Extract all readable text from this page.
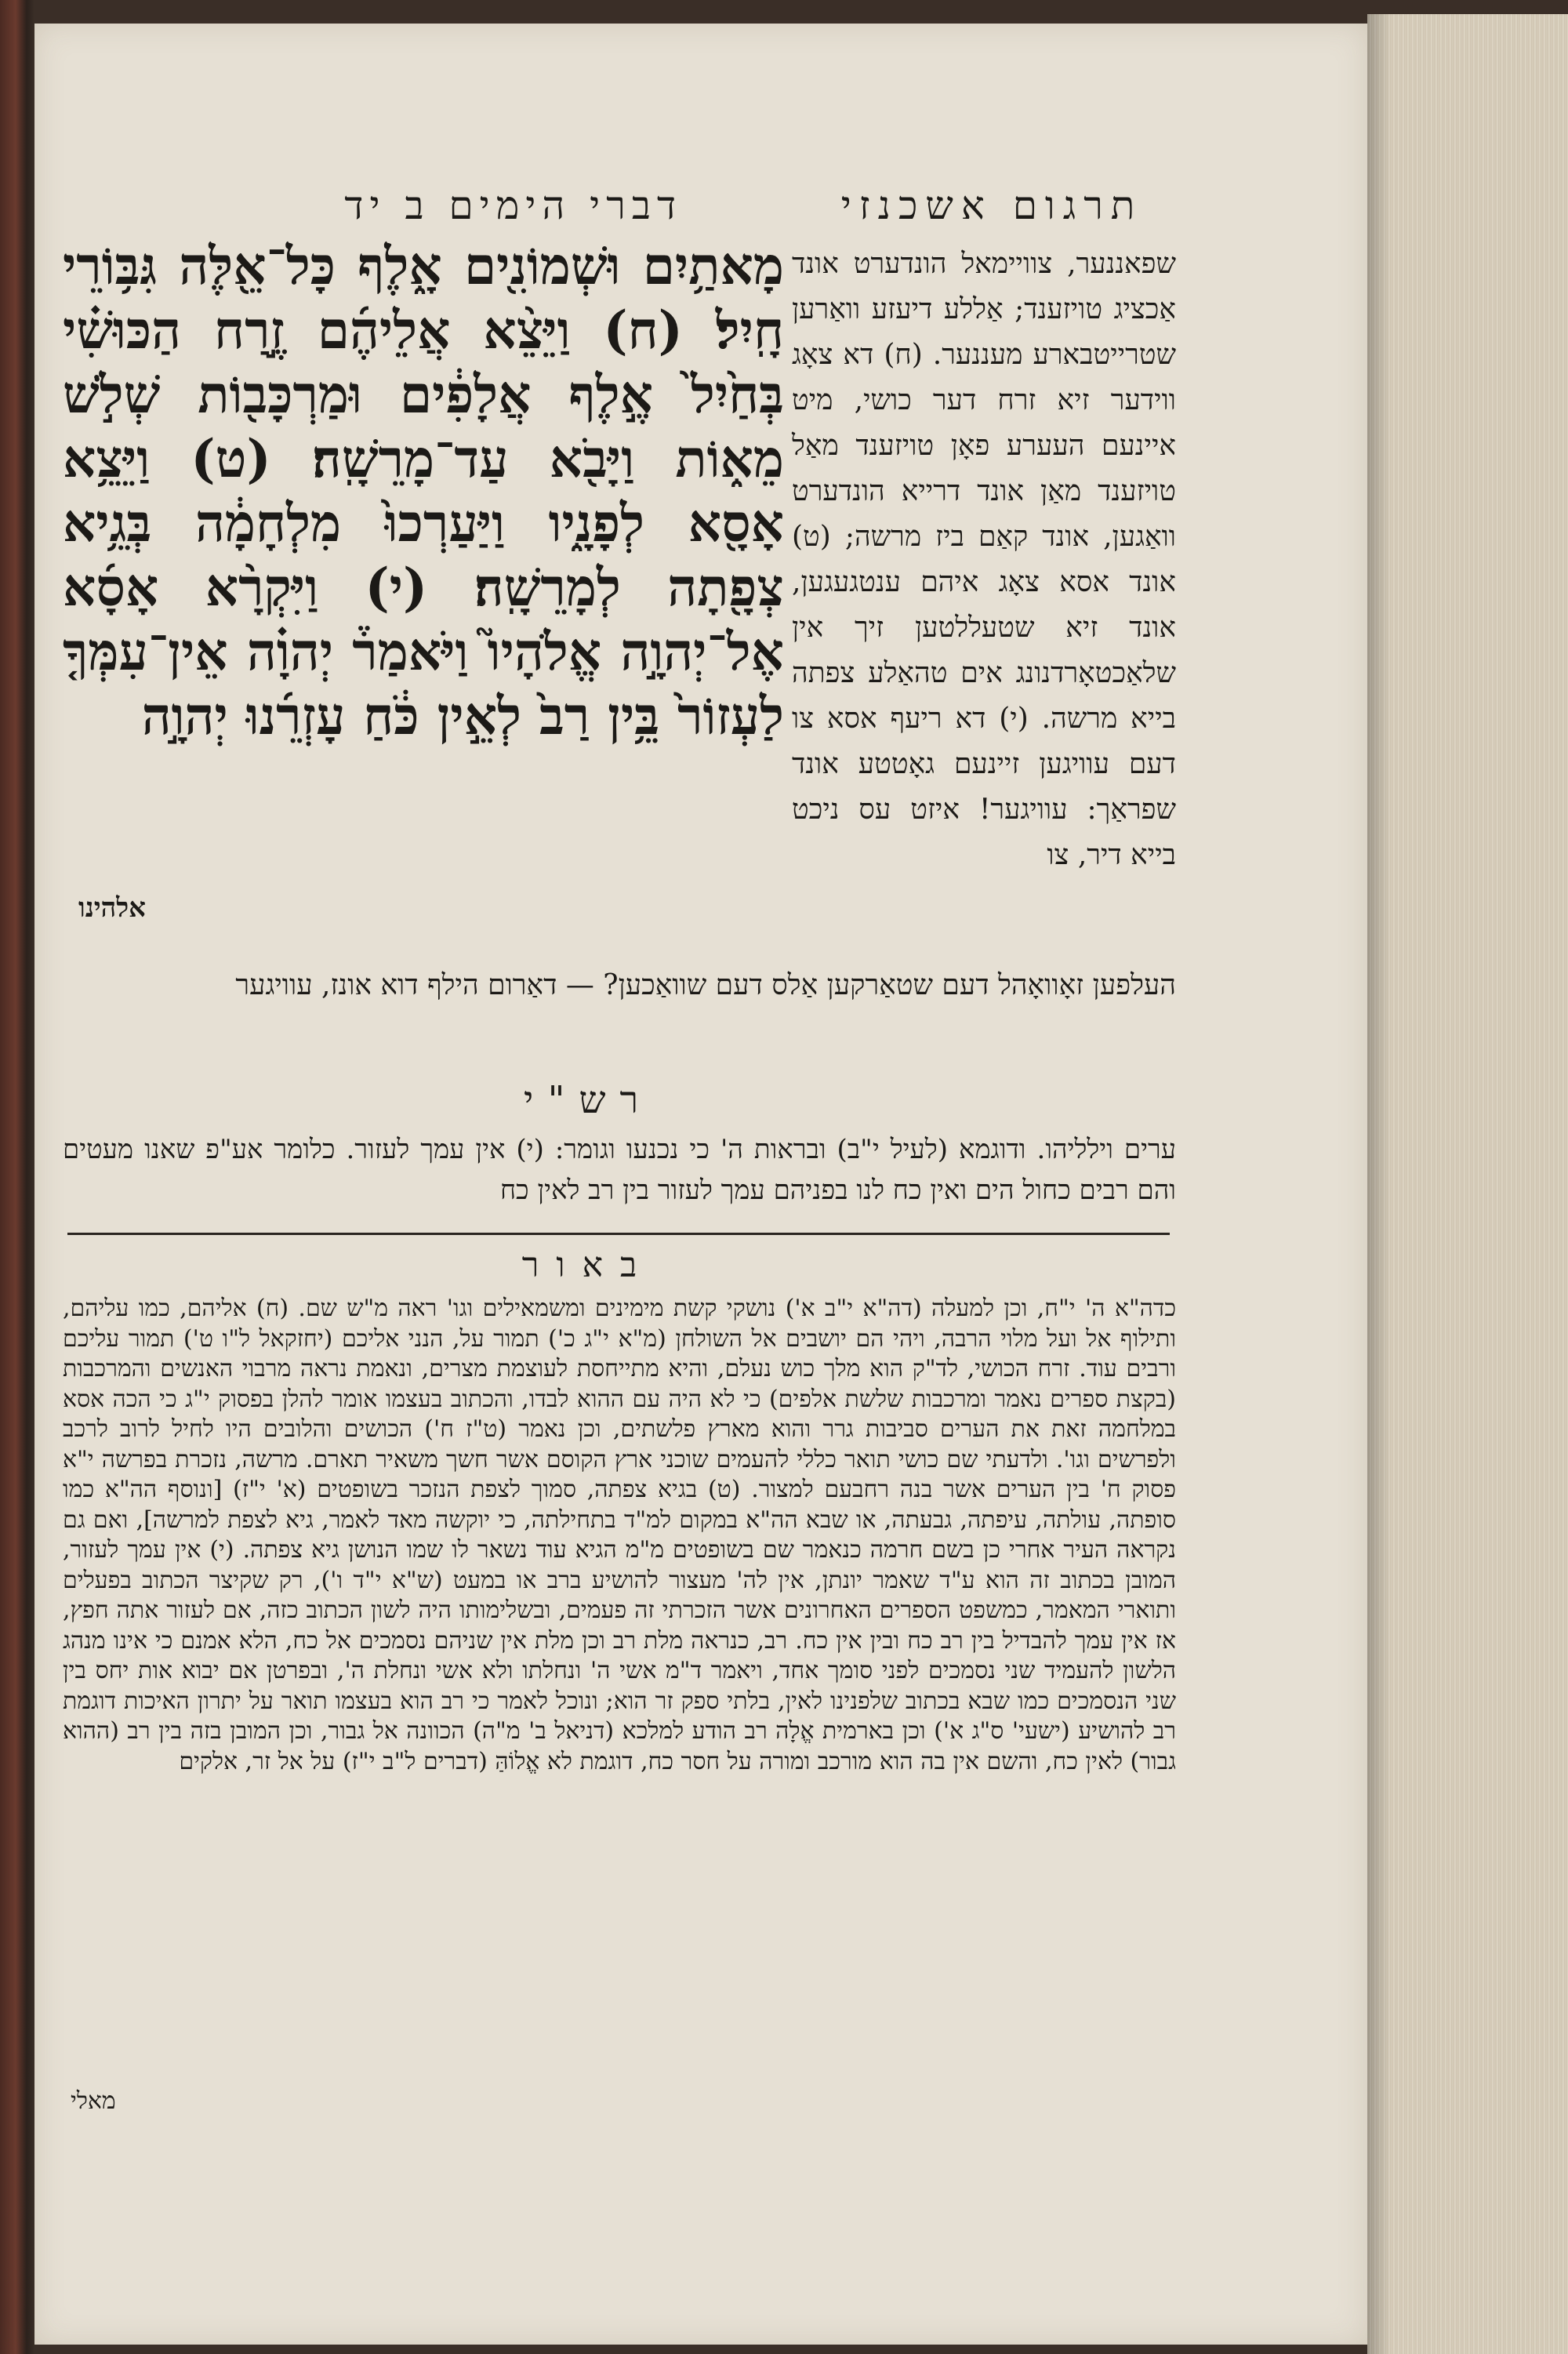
דברי הימים ב יד	תרגום אשכנזי
מָאתַ֥יִם וּשְׁמוֹנִ֖ים אָ֑לֶף כָּל־אֵ֖לֶּה גִּבּ֥וֹרֵי חָֽיִל׃ (ח) וַיֵּצֵ֨א אֲלֵיהֶ֜ם זֶ֣רַח הַכּוּשִׁ֗י בְּחַ֙יִל֙ אֶ֣לֶף אֲלָפִ֔ים וּמַרְכָּב֖וֹת שְׁלֹ֣שׁ מֵא֑וֹת וַיָּבֹ֖א עַד־מָרֵשָֽׁה׃ (ט) וַיֵּצֵ֥א אָסָ֖א לְפָנָ֑יו וַיַּעַרְכוּ֙ מִלְחָמָ֔ה בְּגֵ֥יא צְפָ֖תָה לְמָרֵשָֽׁה׃ (י) וַיִּקְרָ֨א אָסָ֜א אֶל־יְהוָ֣ה אֱלֹהָיו֮ וַיֹּאמַר֒ יְהוָ֗ה אֵין־עִמְּךָ֤ לַעְזוֹר֙ בֵּ֥ין רַב֙ לְאֵ֣ין כֹּ֔חַ עָזְרֵ֜נוּ יְהוָ֣ה
אלהינו
שפאננער, צוויימאל הונדערט אונד אַכציג טויזענד; אַללע דיעזע וואַרען שטרייטבארע מעננער. (ח) דא צאָג ווידער זיא זרח דער כושי, מיט איינעם העערע פאָן טויזענד מאַל טויזענד מאַן אונד דרייא הונדערט וואַגען, אונד קאַם ביז מרשה; (ט) אונד אסא צאָג איהם ענטגעגען, אונד זיא שטעללטען זיך אין שלאַכטאָרדנונג אים טהאַלע צפתה בייא מרשה. (י) דא ריעף אסא צו דעם עוויגען זיינעם גאָטטע אונד שפראַך: עוויגער! איזט עס ניכט בייא דיר, צו
העלפען זאָוואָהל דעם שטאַרקען אַלס דעם שוואַכען? — דאַרום הילף דוא אונז, עוויגער
רש"י
ערים וילליהו. ודוגמא (לעיל י"ב) ובראות ה' כי נכנעו וגומר: (י) אין עמך לעזור. כלומר אע"פ שאנו מעטים והם רבים כחול הים ואין כח לנו בפניהם עמך לעזור בין רב לאין כח
באור
כדה"א ה' י"ח, וכן למעלה (דה"א י"ב א') נושקי קשת מימינים ומשמאילים וגו' ראה מ"ש שם. (ח) אליהם, כמו עליהם, ותילוף אל ועל מלוי הרבה, ויהי הם יושבים אל השולחן (מ"א י"ג כ') תמור על, הנני אליכם (יחזקאל ל"ו ט') תמור עליכם ורבים עוד. זרח הכושי, לד"ק הוא מלך כוש נעלם, והיא מתייחסת לעוצמת מצרים, ונאמת נראה מרבוי האנשים והמרכבות (בקצת ספרים נאמר ומרכבות שלשת אלפים) כי לא היה עם ההוא לבדו, והכתוב בעצמו אומר להלן בפסוק י"ג כי הכה אסא במלחמה זאת את הערים סביבות גרר והוא מארץ פלשתים, וכן נאמר (ט"ז ח') הכושים והלובים היו לחיל לרוב לרכב ולפרשים וגו'. ולדעתי שם כושי תואר כללי להעמים שוכני ארץ הקוסם אשר חשך משאיר תארם. מרשה, נזכרת בפרשה י"א פסוק ח' בין הערים אשר בנה רחבעם למצור. (ט) בגיא צפתה, סמוך לצפת הנזכר בשופטים (א' י"ז) [ונוסף הה"א כמו סופתה, עולתה, עיפתה, גבעתה, או שבא הה"א במקום למ"ד בתחילתה, כי יוקשה מאד לאמר, גיא לצפת למרשה], ואם גם נקראה העיר אחרי כן בשם חרמה כנאמר שם בשופטים מ"מ הגיא עוד נשאר לו שמו הנושן גיא צפתה. (י) אין עמך לעזור, המובן בכתוב זה הוא ע"ד שאמר יונתן, אין לה' מעצור להושיע ברב או במעט (ש"א י"ד ו'), רק שקיצר הכתוב בפעלים ותוארי המאמר, כמשפט הספרים האחרונים אשר הזכרתי זה פעמים, ובשלימותו היה לשון הכתוב כזה, אם לעזור אתה חפץ, אז אין עמך להבדיל בין רב כח ובין אין כח. רב, כנראה מלת רב וכן מלת אין שניהם נסמכים אל כח, הלא אמנם כי אינו מנהג הלשון להעמיד שני נסמכים לפני סומך אחד, ויאמר ד"מ אשי ה' ונחלתו ולא אשי ונחלת ה', ובפרטן אם יבוא אות יחס בין שני הנסמכים כמו שבא בכתוב שלפנינו לאין, בלתי ספק זר הוא; ונוכל לאמר כי רב הוא בעצמו תואר על יתרון האיכות דוגמת רב להושיע (ישעי' ס"ג א') וכן בארמית אֱלָה רב הודע למלכא (דניאל ב' מ"ה) הכוונה אל גבור, וכן המובן בזה בין רב (ההוא גבור) לאין כח, והשם אין בה הוא מורכב ומורה על חסר כח, דוגמת לא אֱלוֹהַּ (דברים ל"ב י"ז) על אל זר, אלקים
מאלי
